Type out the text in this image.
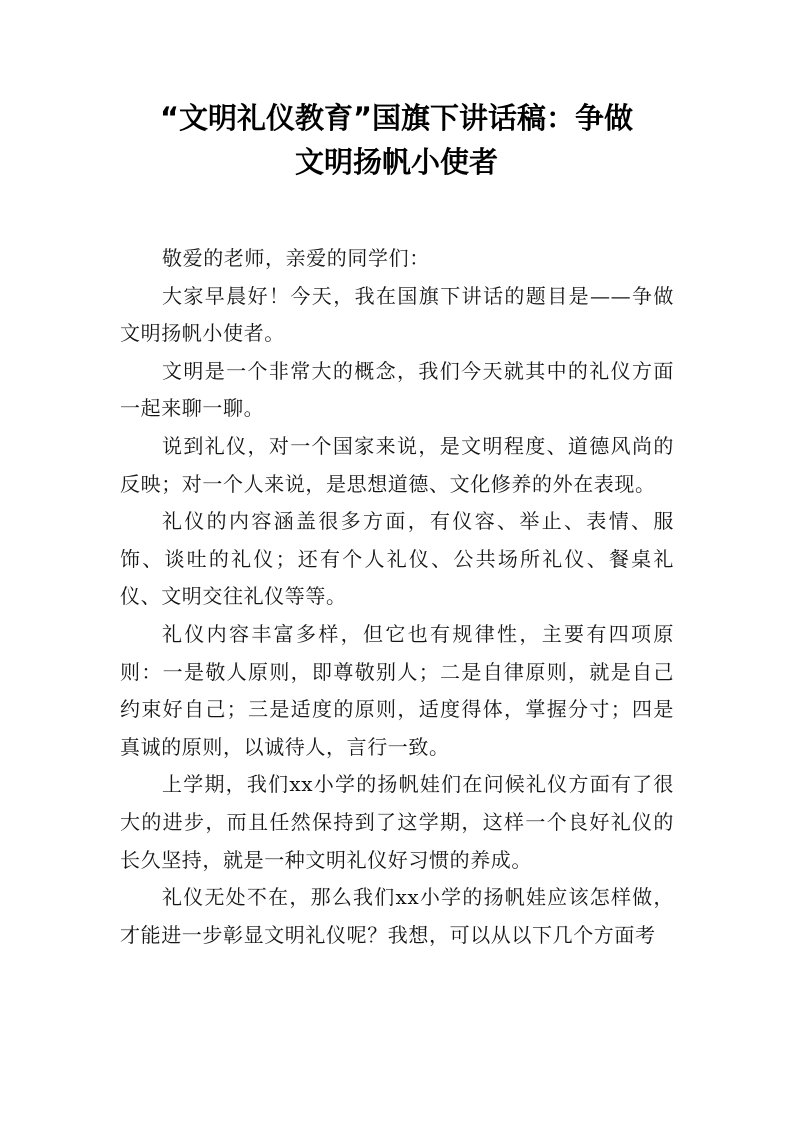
“文明礼仪教育”国旗下讲话稿：争做
文明扬帆小使者

敬爱的老师，亲爱的同学们：

大家早晨好！今天，我在国旗下讲话的题目是——争做文明扬帆小使者。

文明是一个非常大的概念，我们今天就其中的礼仪方面一起来聊一聊。

说到礼仪，对一个国家来说，是文明程度、道德风尚的反映；对一个人来说，是思想道德、文化修养的外在表现。

礼仪的内容涵盖很多方面，有仪容、举止、表情、服饰、谈吐的礼仪；还有个人礼仪、公共场所礼仪、餐桌礼仪、文明交往礼仪等等。

礼仪内容丰富多样，但它也有规律性，主要有四项原则：一是敬人原则，即尊敬别人；二是自律原则，就是自己约束好自己；三是适度的原则，适度得体，掌握分寸；四是真诚的原则，以诚待人，言行一致。

上学期，我们xx小学的扬帆娃们在问候礼仪方面有了很大的进步，而且任然保持到了这学期，这样一个良好礼仪的长久坚持，就是一种文明礼仪好习惯的养成。

礼仪无处不在，那么我们xx小学的扬帆娃应该怎样做，才能进一步彰显文明礼仪呢？我想，可以从以下几个方面考
